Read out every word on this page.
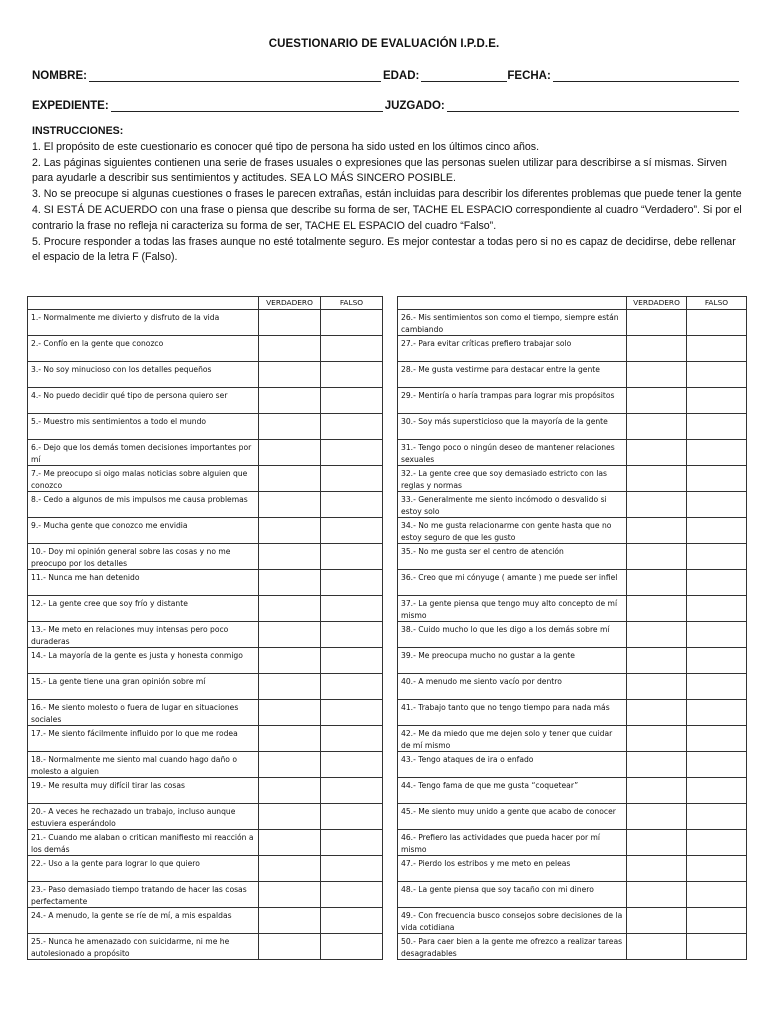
CUESTIONARIO DE EVALUACIÓN I.P.D.E.
NOMBRE:	EDAD:	FECHA:
EXPEDIENTE:	JUZGADO:

INSTRUCCIONES:

1. El propósito de este cuestionario es conocer qué tipo de persona ha sido usted en los últimos cinco años.

2. Las páginas siguientes contienen una serie de frases usuales o expresiones que las personas suelen utilizar para describirse a sí mismas. Sirven para ayudarle a describir sus sentimientos y actitudes. SEA LO MÁS SINCERO POSIBLE.

3. No se preocupe si algunas cuestiones o frases le parecen extrañas, están incluidas para describir los diferentes problemas que puede tener la gente

4. SI ESTÁ DE ACUERDO con una frase o piensa que describe su forma de ser, TACHE EL ESPACIO correspondiente al cuadro “Verdadero”. Si por el contrario la frase no refleja ni caracteriza su forma de ser, TACHE EL ESPACIO del cuadro “Falso”.

5. Procure responder a todas las frases aunque no esté totalmente seguro. Es mejor contestar a todas pero si no es capaz de decidirse, debe rellenar el espacio de la letra F (Falso).

	VERDADERO	FALSO
1.- Normalmente me divierto y disfruto de la vida		
2.- Confío en la gente que conozco		
3.- No soy minucioso con los detalles pequeños		
4.- No puedo decidir qué tipo de persona quiero ser		
5.- Muestro mis sentimientos a todo el mundo		
6.- Dejo que los demás tomen decisiones importantes por mí		
7.- Me preocupo si oigo malas noticias sobre alguien que conozco		
8.- Cedo a algunos de mis impulsos me causa problemas		
9.- Mucha gente que conozco me envidia		
10.- Doy mi opinión general sobre las cosas y no me preocupo por los detalles		
11.- Nunca me han detenido		
12.- La gente cree que soy frío y distante		
13.- Me meto en relaciones muy intensas pero poco duraderas		
14.- La mayoría de la gente es justa y honesta conmigo		
15.- La gente tiene una gran opinión sobre mí		
16.- Me siento molesto o fuera de lugar en situaciones sociales		
17.- Me siento fácilmente influido por lo que me rodea		
18.- Normalmente me siento mal cuando hago daño o molesto a alguien		
19.- Me resulta muy difícil tirar las cosas		
20.- A veces he rechazado un trabajo, incluso aunque estuviera esperándolo		
21.- Cuando me alaban o critican manifiesto mi reacción a los demás		
22.- Uso a la gente para lograr lo que quiero		
23.- Paso demasiado tiempo tratando de hacer las cosas perfectamente		
24.- A menudo, la gente se ríe de mí, a mis espaldas		
25.- Nunca he amenazado con suicidarme, ni me he autolesionado a propósito		
	VERDADERO	FALSO
26.- Mis sentimientos son como el tiempo, siempre están cambiando		
27.- Para evitar críticas prefiero trabajar solo		
28.- Me gusta vestirme para destacar entre la gente		
29.- Mentiría o haría trampas para lograr mis propósitos		
30.- Soy más supersticioso que la mayoría de la gente		
31.- Tengo poco o ningún deseo de mantener relaciones sexuales		
32.- La gente cree que soy demasiado estricto con las reglas y normas		
33.- Generalmente me siento incómodo o desvalido si estoy solo		
34.- No me gusta relacionarme con gente hasta que no estoy seguro de que les gusto		
35.- No me gusta ser el centro de atención		
36.- Creo que mi cónyuge ( amante ) me puede ser infiel		
37.- La gente piensa que tengo muy alto concepto de mí mismo		
38.- Cuido mucho lo que les digo a los demás sobre mí		
39.- Me preocupa mucho no gustar a la gente		
40.- A menudo me siento vacío por dentro		
41.- Trabajo tanto que no tengo tiempo para nada más		
42.- Me da miedo que me dejen solo y tener que cuidar de mí mismo		
43.- Tengo ataques de ira o enfado		
44.- Tengo fama de que me gusta “coquetear”		
45.- Me siento muy unido a gente que acabo de conocer		
46.- Prefiero las actividades que pueda hacer por mí mismo		
47.- Pierdo los estribos y me meto en peleas		
48.- La gente piensa que soy tacaño con mi dinero		
49.- Con frecuencia busco consejos sobre decisiones de la vida cotidiana		
50.- Para caer bien a la gente me ofrezco a realizar tareas desagradables		
